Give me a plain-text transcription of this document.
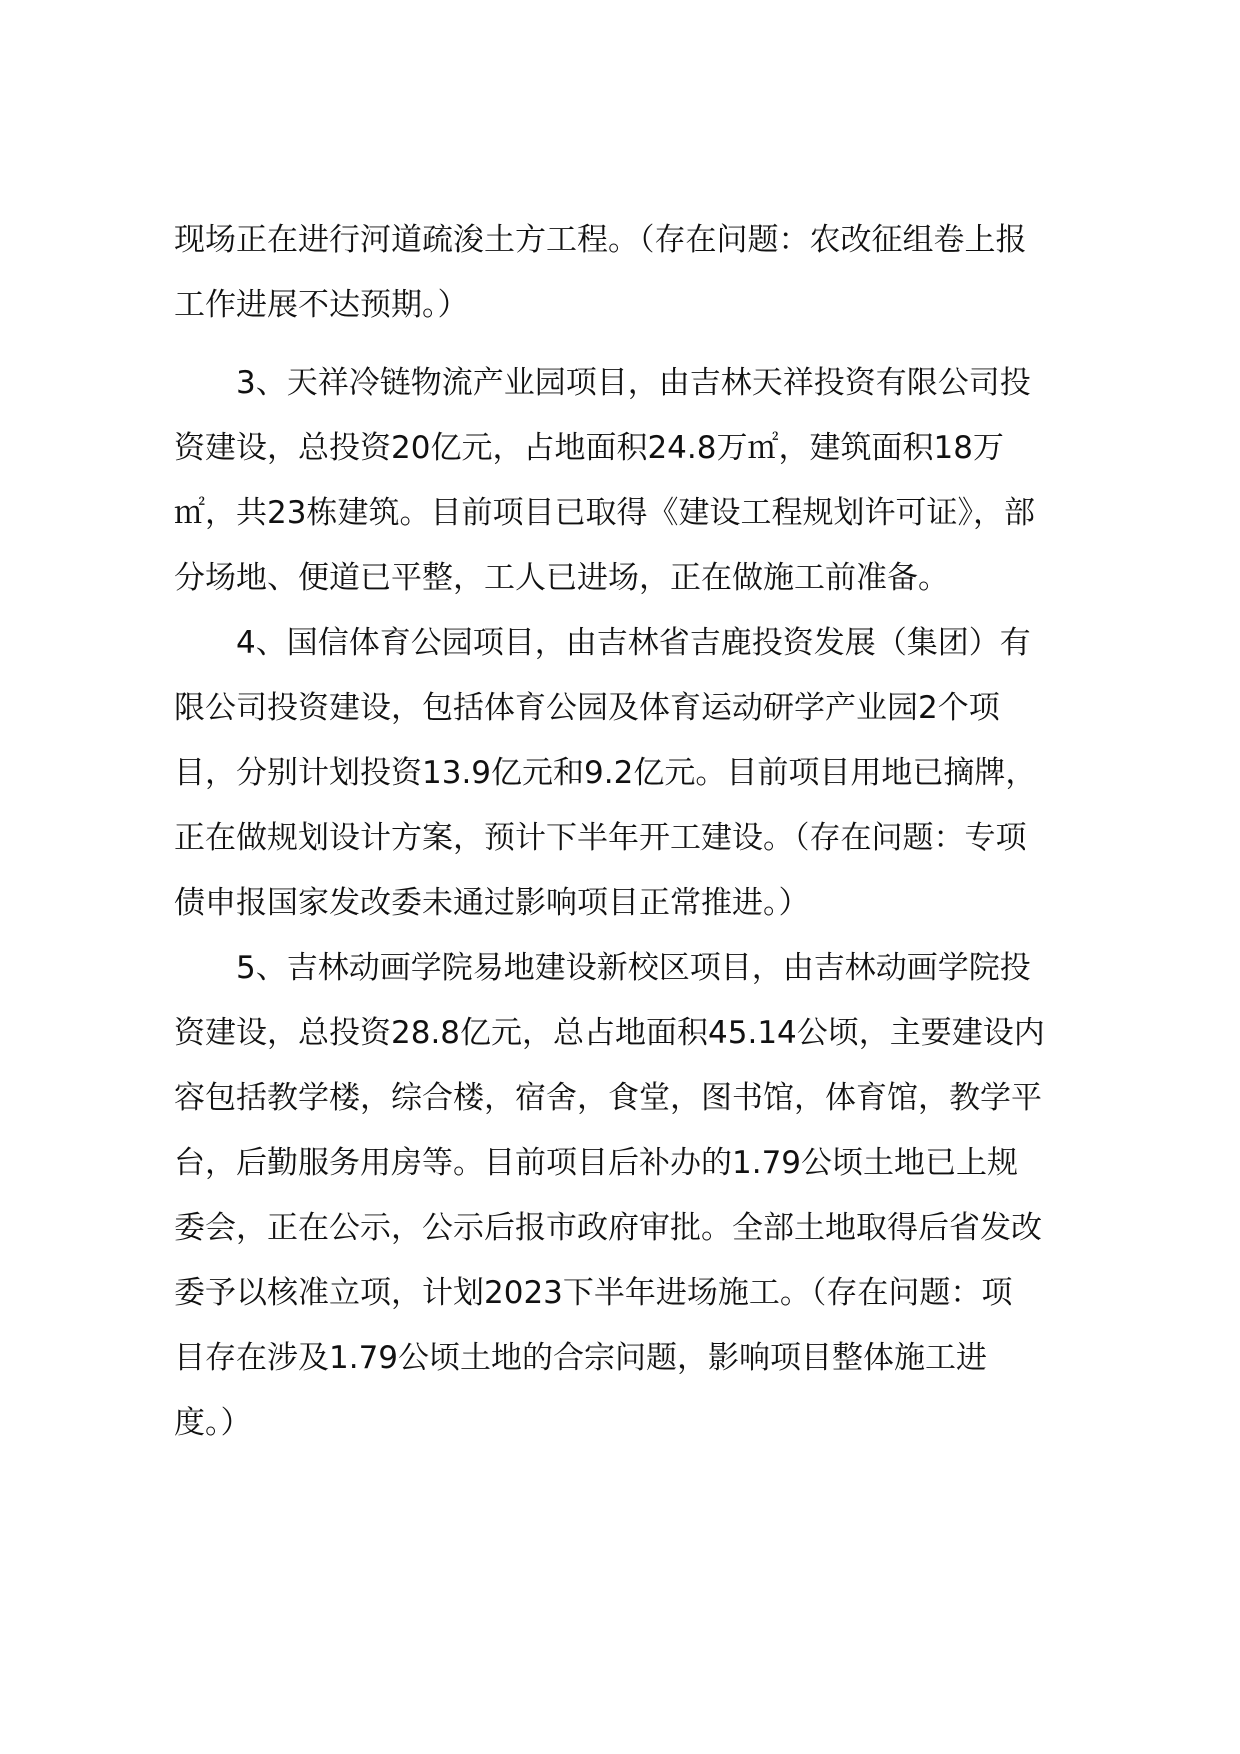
现场正在进行河道疏浚土方工程。（存在问题：农改征组卷上报
工作进展不达预期。）
　　3、天祥冷链物流产业园项目，由吉林天祥投资有限公司投
资建设，总投资20亿元，占地面积24.8万㎡，建筑面积18万
㎡，共23栋建筑。目前项目已取得《建设工程规划许可证》，部
分场地、便道已平整，工人已进场，正在做施工前准备。
　　4、国信体育公园项目，由吉林省吉鹿投资发展（集团）有
限公司投资建设，包括体育公园及体育运动研学产业园2个项
目，分别计划投资13.9亿元和9.2亿元。目前项目用地已摘牌，
正在做规划设计方案，预计下半年开工建设。（存在问题：专项
债申报国家发改委未通过影响项目正常推进。）
　　5、吉林动画学院易地建设新校区项目，由吉林动画学院投
资建设，总投资28.8亿元，总占地面积45.14公顷，主要建设内
容包括教学楼，综合楼，宿舍，食堂，图书馆，体育馆，教学平
台，后勤服务用房等。目前项目后补办的1.79公顷土地已上规
委会，正在公示，公示后报市政府审批。全部土地取得后省发改
委予以核准立项，计划2023下半年进场施工。（存在问题：项
目存在涉及1.79公顷土地的合宗问题，影响项目整体施工进
度。）
